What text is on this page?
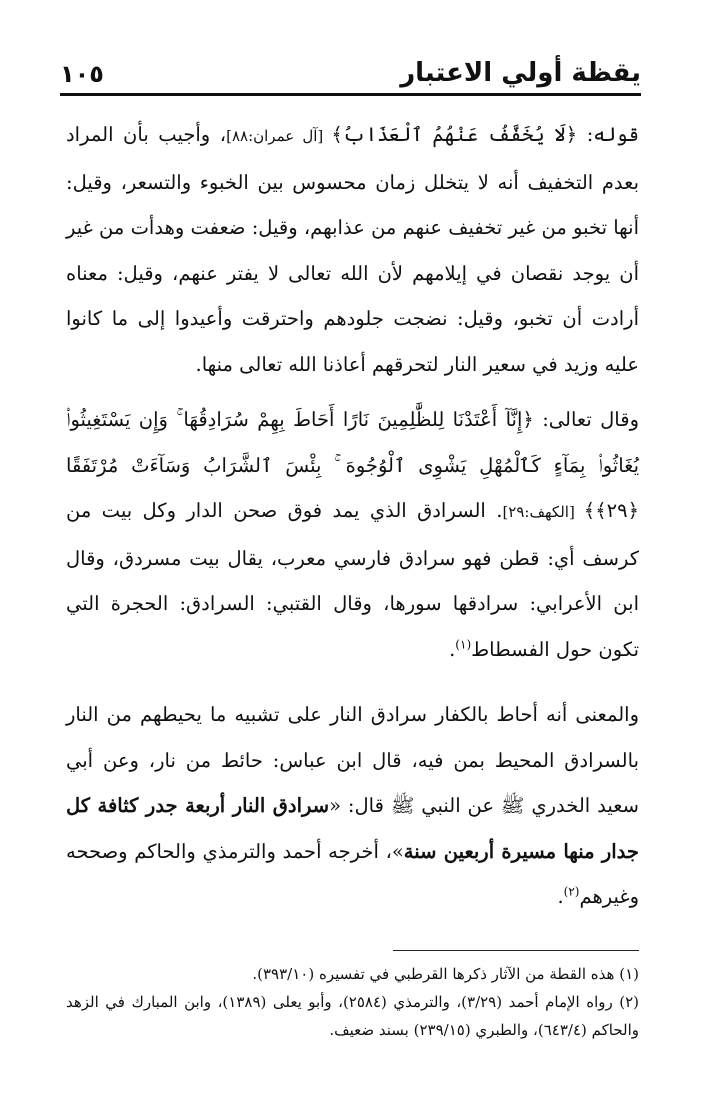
يقظة أولي الاعتبار
١٠٥

قوله: ﴿لَا يُخَفَّفُ عَنْهُمُ ٱلْعَذَابُ﴾ [آل عمران:٨٨]، وأجيب بأن المراد بعدم التخفيف أنه لا يتخلل زمان محسوس بين الخبوء والتسعر، وقيل: أنها تخبو من غير تخفيف عنهم من عذابهم، وقيل: ضعفت وهدأت من غير أن يوجد نقصان في إيلامهم لأن الله تعالى لا يفتر عنهم، وقيل: معناه أرادت أن تخبو، وقيل: نضجت جلودهم واحترقت وأعيدوا إلى ما كانوا عليه وزيد في سعير النار لتحرقهم أعاذنا الله تعالى منها.

وقال تعالى: ﴿إِنَّآ أَعْتَدْنَا لِلظَّٰلِمِينَ نَارًا أَحَاطَ بِهِمْ سُرَادِقُهَا ۚ وَإِن يَسْتَغِيثُوا۟ يُغَاثُوا۟ بِمَآءٍ كَٱلْمُهْلِ يَشْوِى ٱلْوُجُوهَ ۚ بِئْسَ ٱلشَّرَابُ وَسَآءَتْ مُرْتَفَقًا ﴿٢٩﴾﴾ [الكهف:٢٩]. السرادق الذي يمد فوق صحن الدار وكل بيت من كرسف أي: قطن فهو سرادق فارسي معرب، يقال بيت مسردق، وقال ابن الأعرابي: سرادقها سورها، وقال القتبي: السرادق: الحجرة التي تكون حول الفسطاط$^{(١)}$.

والمعنى أنه أحاط بالكفار سرادق النار على تشبيه ما يحيطهم من النار بالسرادق المحيط بمن فيه، قال ابن عباس: حائط من نار، وعن أبي سعيد الخدري ﷺ عن النبي ﷺ قال: «سرادق النار أربعة جدر كثافة كل جدار منها مسيرة أربعين سنة»، أخرجه أحمد والترمذي والحاكم وصححه وغيرهم$^{(٢)}$.

(١) هذه القطة من الآثار ذكرها القرطبي في تفسيره (٣٩٣/١٠).

(٢) رواه الإمام أحمد (٣/٢٩)، والترمذي (٢٥٨٤)، وأبو يعلى (١٣٨٩)، وابن المبارك في الزهد والحاكم (٦٤٣/٤)، والطبري (٢٣٩/١٥) بسند ضعيف.
